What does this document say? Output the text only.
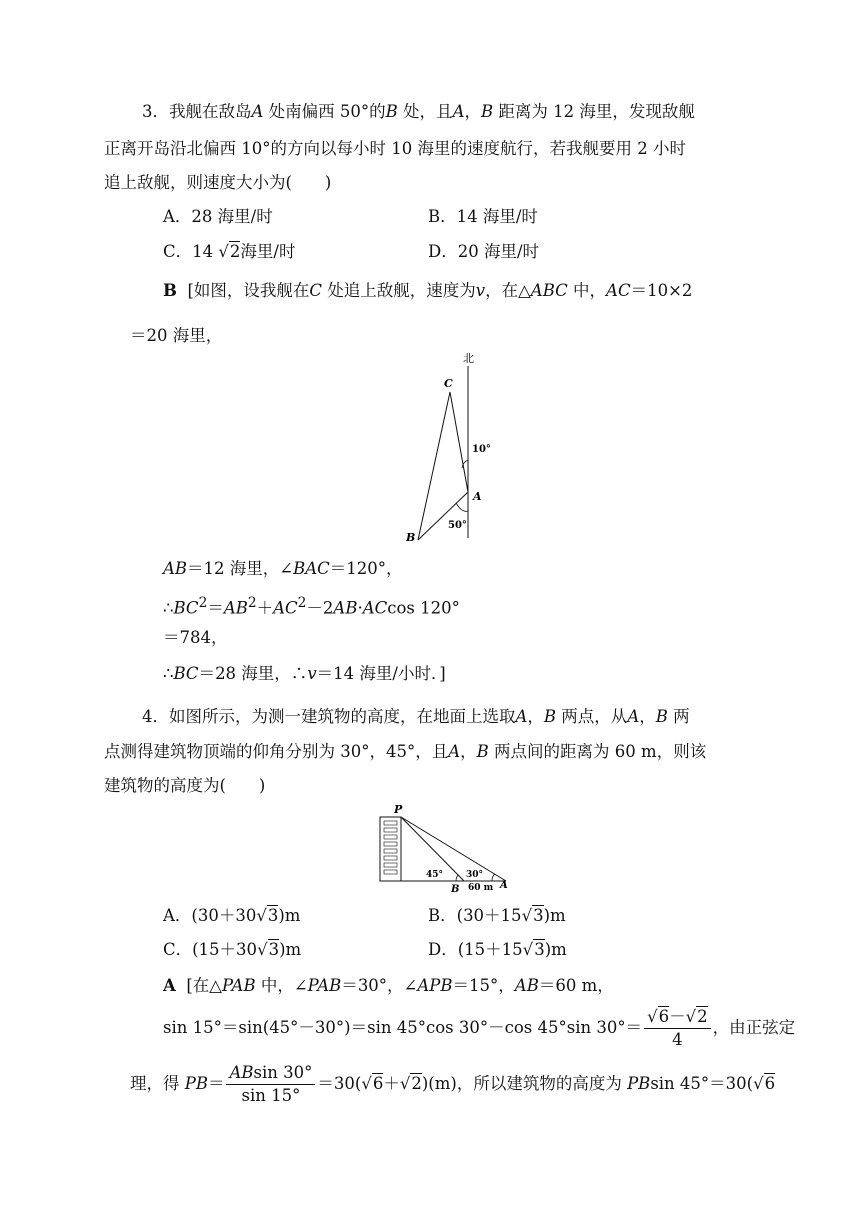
3．我舰在敌岛A 处南偏西 50°的B 处，且A，B 距离为 12 海里，发现敌舰
正离开岛沿北偏西 10°的方向以每小时 10 海里的速度航行，若我舰要用 2 小时
追上敌舰，则速度大小为(　　)
A．28 海里/时	B．14 海里/时
C．14 √2海里/时	D．20 海里/时
B [如图，设我舰在C 处追上敌舰，速度为v，在△ABC 中，AC＝10×2
＝20 海里，
北
C
A
B
10°
50°
AB＝12 海里，∠BAC＝120°，
$\therefore BC^2=AB^2+AC^2-2AB\cdot ACcos$ 120°
＝784，
∴BC＝28 海里，∴v＝14 海里/小时．]
4．如图所示，为测一建筑物的高度，在地面上选取A，B 两点，从A，B 两
点测得建筑物顶端的仰角分别为 30°，45°，且A，B 两点间的距离为 60 m，则该
建筑物的高度为(　　)
P
B	A
45°	30°
60 m
A．(30＋30√3)m	B．(30＋15√3)m
C．(15＋30√3)m	D．(15＋15√3)m
A [在△PAB 中，∠PAB＝30°，∠APB＝15°，AB＝60 m，
sin 15°＝sin(45°－30°)＝sin 45°cos 30°－cos 45°sin $30^\circ= \frac{√6-√2}{4}$ ，由正弦定
理，得 $PB= \frac{ABsin 30^\circ}{\sin 15^\circ} =30(√6+√2)(m)$，所以建筑物的高度为 PBsin 45°＝30(√6
